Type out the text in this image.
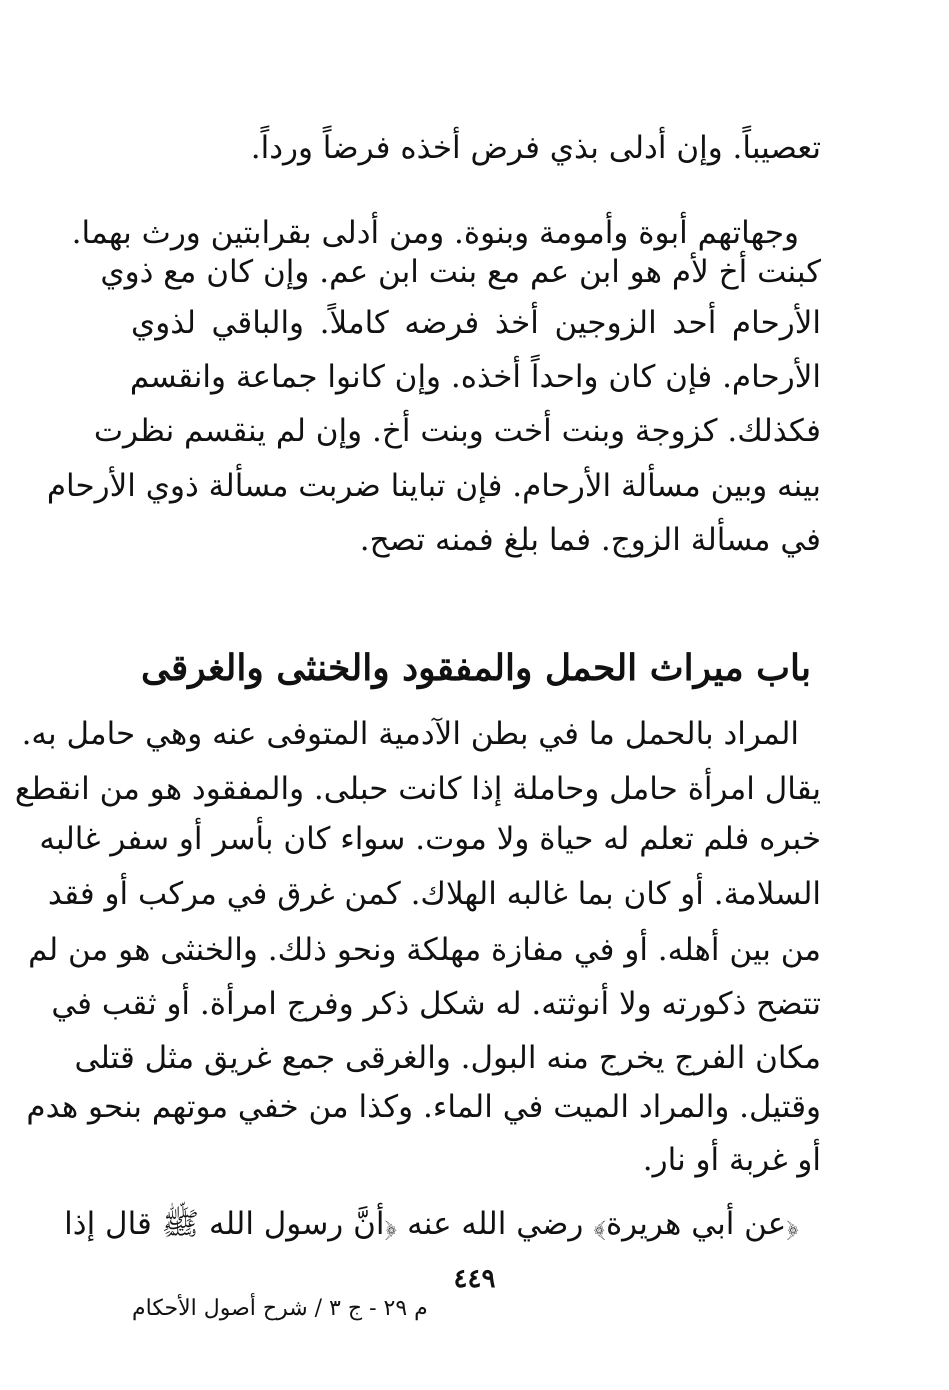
تعصيباً. وإن أدلى بذي فرض أخذه فرضاً ورداً.
وجهاتهم أبوة وأمومة وبنوة. ومن أدلى بقرابتين ورث بهما.
كبنت أخ لأم هو ابن عم مع بنت ابن عم. وإن كان مع ذوي
الأرحام أحد الزوجين أخذ فرضه كاملاً. والباقي لذوي
الأرحام. فإن كان واحداً أخذه. وإن كانوا جماعة وانقسم
فكذلك. كزوجة وبنت أخت وبنت أخ. وإن لم ينقسم نظرت
بينه وبين مسألة الأرحام. فإن تباينا ضربت مسألة ذوي الأرحام
في مسألة الزوج. فما بلغ فمنه تصح.
باب ميراث الحمل والمفقود والخنثى والغرقى
المراد بالحمل ما في بطن الآدمية المتوفى عنه وهي حامل به.
يقال امرأة حامل وحاملة إذا كانت حبلى. والمفقود هو من انقطع
خبره فلم تعلم له حياة ولا موت. سواء كان بأسر أو سفر غالبه
السلامة. أو كان بما غالبه الهلاك. كمن غرق في مركب أو فقد
من بين أهله. أو في مفازة مهلكة ونحو ذلك. والخنثى هو من لم
تتضح ذكورته ولا أنوثته. له شكل ذكر وفرج امرأة. أو ثقب في
مكان الفرج يخرج منه البول. والغرقى جمع غريق مثل قتلى
وقتيل. والمراد الميت في الماء. وكذا من خفي موتهم بنحو هدم
أو غربة أو نار.
﴿عن أبي هريرة﴾ رضي الله عنه ﴿أنَّ رسول الله ﷺ قال إذا
٤٤٩
م ٢٩ - ج ٣ / شرح أصول الأحكام
